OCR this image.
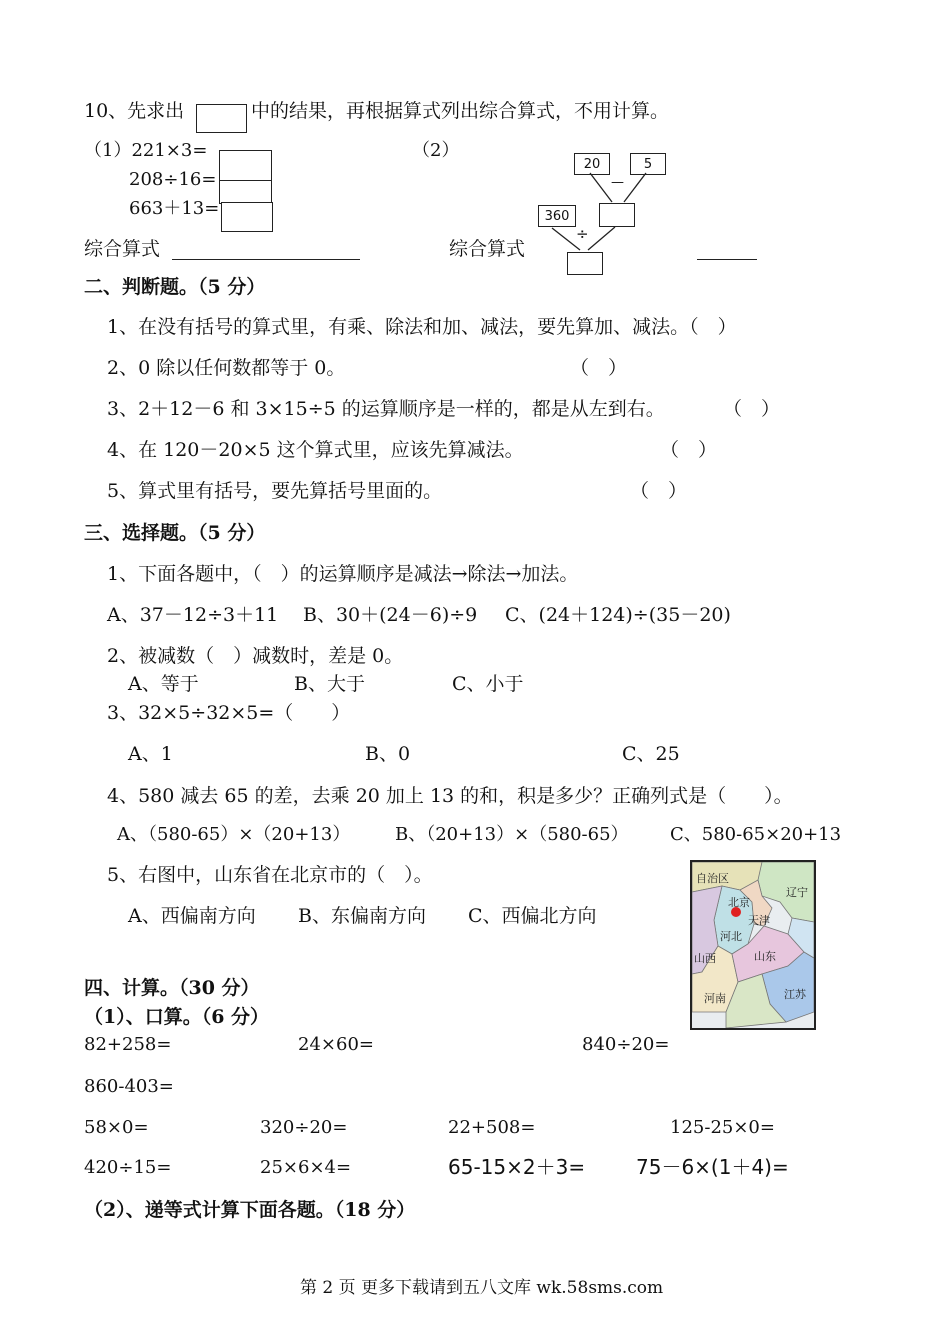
10、先求出	中的结果，再根据算式列出综合算式，不用计算。
（1）221×3=
208÷16=
663＋13=
（2）
20	5
—
360
÷
综合算式	综合算式
二、判断题。（5 分）
1、在没有括号的算式里，有乘、除法和加、减法，要先算加、减法。（　）
2、0 除以任何数都等于 0。	（　）
3、2＋12－6 和 3×15÷5 的运算顺序是一样的，都是从左到右。	（　）
4、在 120－20×5 这个算式里，应该先算减法。	（　）
5、算式里有括号，要先算括号里面的。	（　）
三、选择题。（5 分）
1、下面各题中，（　）的运算顺序是减法→除法→加法。
A、37－12÷3＋11 B、30＋(24－6)÷9 C、(24＋124)÷(35－20)
2、被减数（　）减数时，差是 0。
A、等于	B、大于	C、小于
3、32×5÷32×5=（　　）
A、1	B、0	C、25
4、580 减去 65 的差，去乘 20 加上 13 的和，积是多少？正确列式是（　　）。
A、（580-65）×（20+13） B、（20+13）×（580-65） C、580-65×20+13
5、右图中，山东省在北京市的（　）。
A、西偏南方向 B、东偏南方向 C、西偏北方向
自治区
辽宁
北京
天津
河北
山东
山西
河南	江苏
四、计算。（30 分）
（1）、口算。（6 分）
82+258=	24×60=	840÷20=
860-403=
58×0=	320÷20=	22+508=	125-25×0=
420÷15=	25×6×4=	65-15×2＋3=	75－6×(1＋4)=
（2）、递等式计算下面各题。（18 分）
第 2 页 更多下载请到五八文库 wk.58sms.com
